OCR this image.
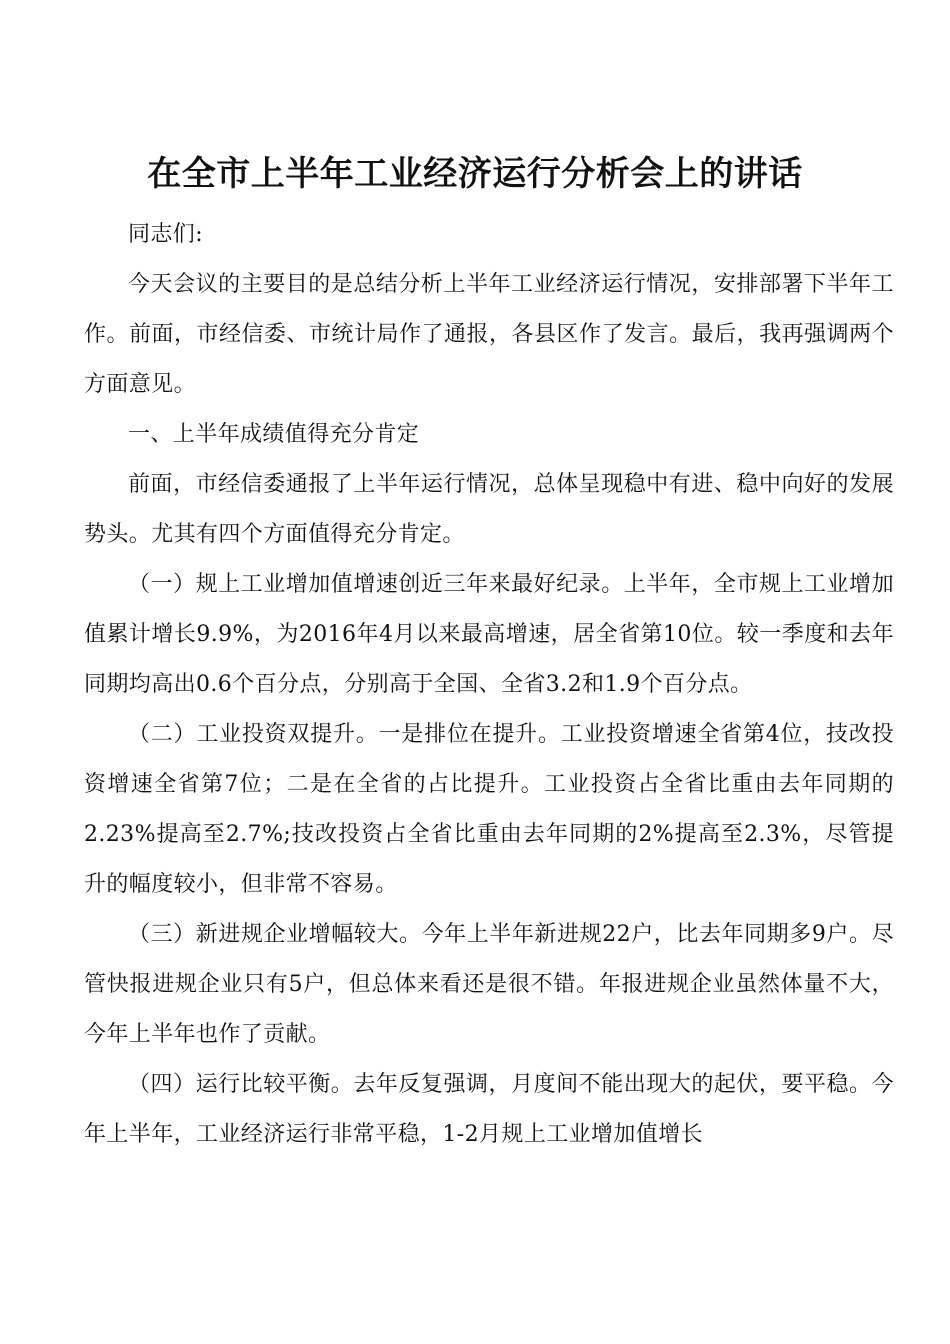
在全市上半年工业经济运行分析会上的讲话

同志们:

今天会议的主要目的是总结分析上半年工业经济运行情况，安排部署下半年工作。前面，市经信委、市统计局作了通报，各县区作了发言。最后，我再强调两个方面意见。

一、上半年成绩值得充分肯定

前面，市经信委通报了上半年运行情况，总体呈现稳中有进、稳中向好的发展势头。尤其有四个方面值得充分肯定。

（一）规上工业增加值增速创近三年来最好纪录。上半年，全市规上工业增加值累计增长9.9%，为2016年4月以来最高增速，居全省第10位。较一季度和去年同期均高出0.6个百分点，分别高于全国、全省3.2和1.9个百分点。

（二）工业投资双提升。一是排位在提升。工业投资增速全省第4位，技改投资增速全省第7位；二是在全省的占比提升。工业投资占全省比重由去年同期的2.23%提高至2.7%;技改投资占全省比重由去年同期的2%提高至2.3%，尽管提升的幅度较小，但非常不容易。

（三）新进规企业增幅较大。今年上半年新进规22户，比去年同期多9户。尽管快报进规企业只有5户，但总体来看还是很不错。年报进规企业虽然体量不大，今年上半年也作了贡献。

（四）运行比较平衡。去年反复强调，月度间不能出现大的起伏，要平稳。今年上半年，工业经济运行非常平稳，1-2月规上工业增加值增长
